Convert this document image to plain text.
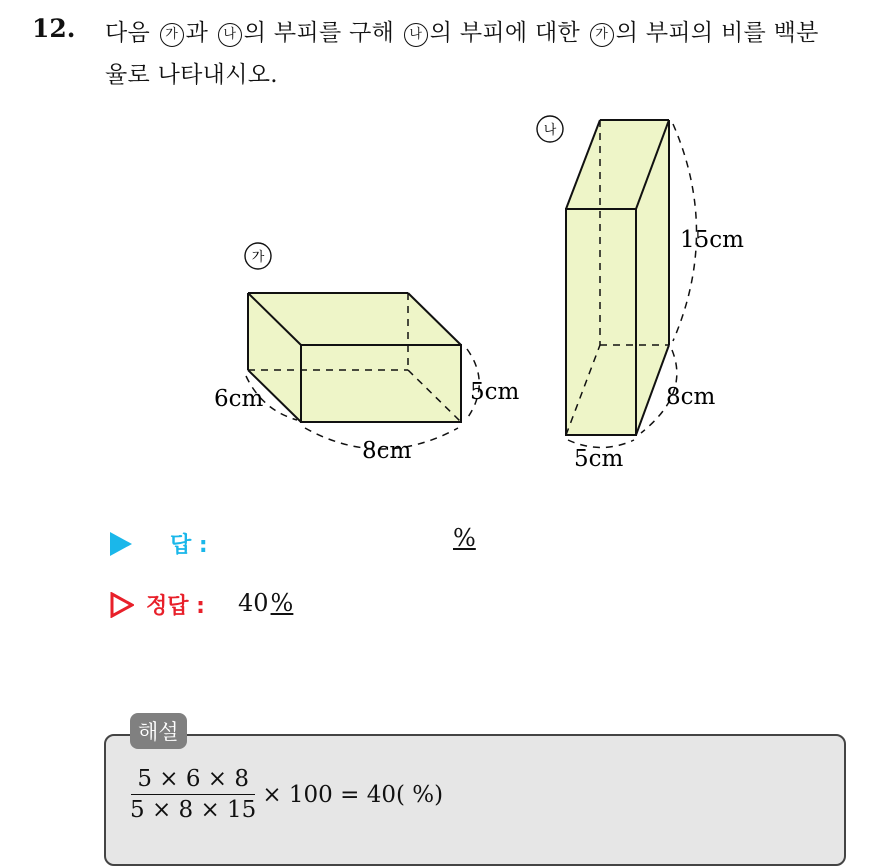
12. 다음 가 과 나 의 부피를 구해 나 의 부피에 대한 가 의 부피의 비를 백분
율로 나타내시오.
가
6cm
8cm
5cm
나
15cm
8cm
5cm
답 :	%
정답 : 40%
해설
$\frac{5 \times 6 \times 8}{5 \times 8 \times 15} \times 100 = 40$( %)
